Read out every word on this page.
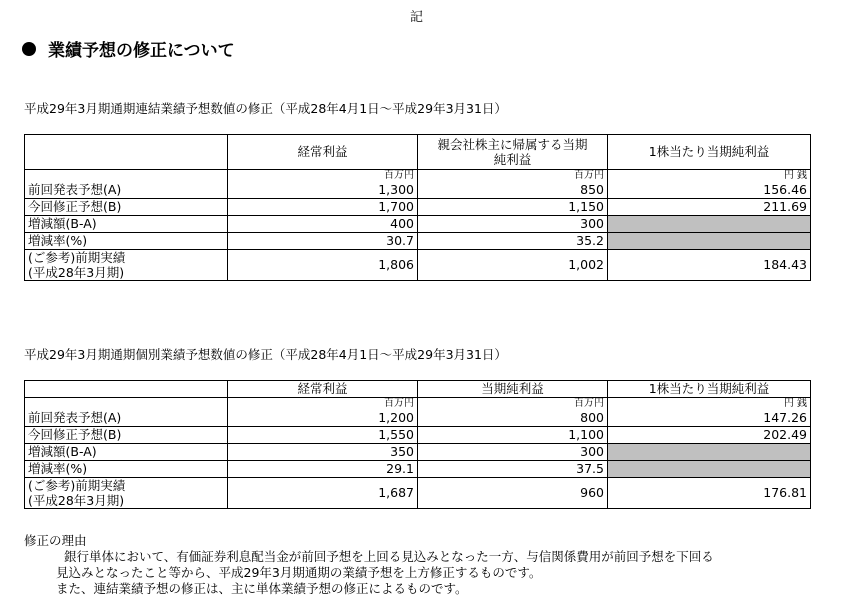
記
業績予想の修正について
平成29年3月期通期連結業績予想数値の修正（平成28年4月1日～平成29年3月31日）
	経常利益	親会社株主に帰属する当期純利益	1株当たり当期純利益
	百万円	百万円	円 銭
前回発表予想(A)	1,300	850	156.46
今回修正予想(B)	1,700	1,150	211.69
増減額(B-A)	400	300	
増減率(%)	30.7	35.2	

(ご参考)前期実績
(平成28年3月期)	1,806	1,002	184.43
平成29年3月期通期個別業績予想数値の修正（平成28年4月1日～平成29年3月31日）
	経常利益	当期純利益	1株当たり当期純利益
	百万円	百万円	円 銭
前回発表予想(A)	1,200	800	147.26
今回修正予想(B)	1,550	1,100	202.49
増減額(B-A)	350	300	
増減率(%)	29.1	37.5	

(ご参考)前期実績
(平成28年3月期)	1,687	960	176.81
修正の理由

銀行単体において、有価証券利息配当金が前回予想を上回る見込みとなった一方、与信関係費用が前回予想を下回る

見込みとなったこと等から、平成29年3月期通期の業績予想を上方修正するものです。

また、連結業績予想の修正は、主に単体業績予想の修正によるものです。
